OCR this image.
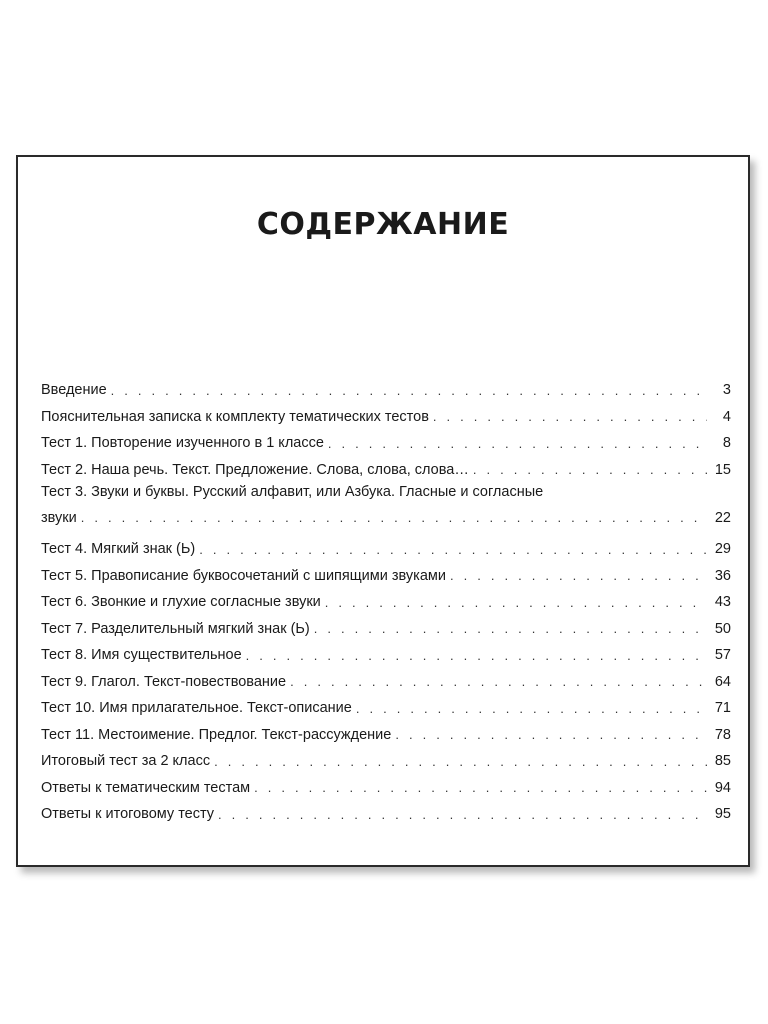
СОДЕРЖАНИЕ
Введение . . .	3
Пояснительная записка к комплекту тематических тестов . . .	4
Тест 1. Повторение изученного в 1 классе . . .	8
Тест 2. Наша речь. Текст. Предложение. Слова, слова, слова… . . .	15
Тест 3. Звуки и буквы. Русский алфавит, или Азбука. Гласные и согласные
звуки . . .	22
Тест 4. Мягкий знак (Ь) . . .	29
Тест 5. Правописание буквосочетаний с шипящими звуками . . .	36
Тест 6. Звонкие и глухие согласные звуки . . .	43
Тест 7. Разделительный мягкий знак (Ь) . . .	50
Тест 8. Имя существительное . . .	57
Тест 9. Глагол. Текст-повествование . . .	64
Тест 10. Имя прилагательное. Текст-описание . . .	71
Тест 11. Местоимение. Предлог. Текст-рассуждение . . .	78
Итоговый тест за 2 класс . . .	85
Ответы к тематическим тестам . . .	94
Ответы к итоговому тесту . . .	95
